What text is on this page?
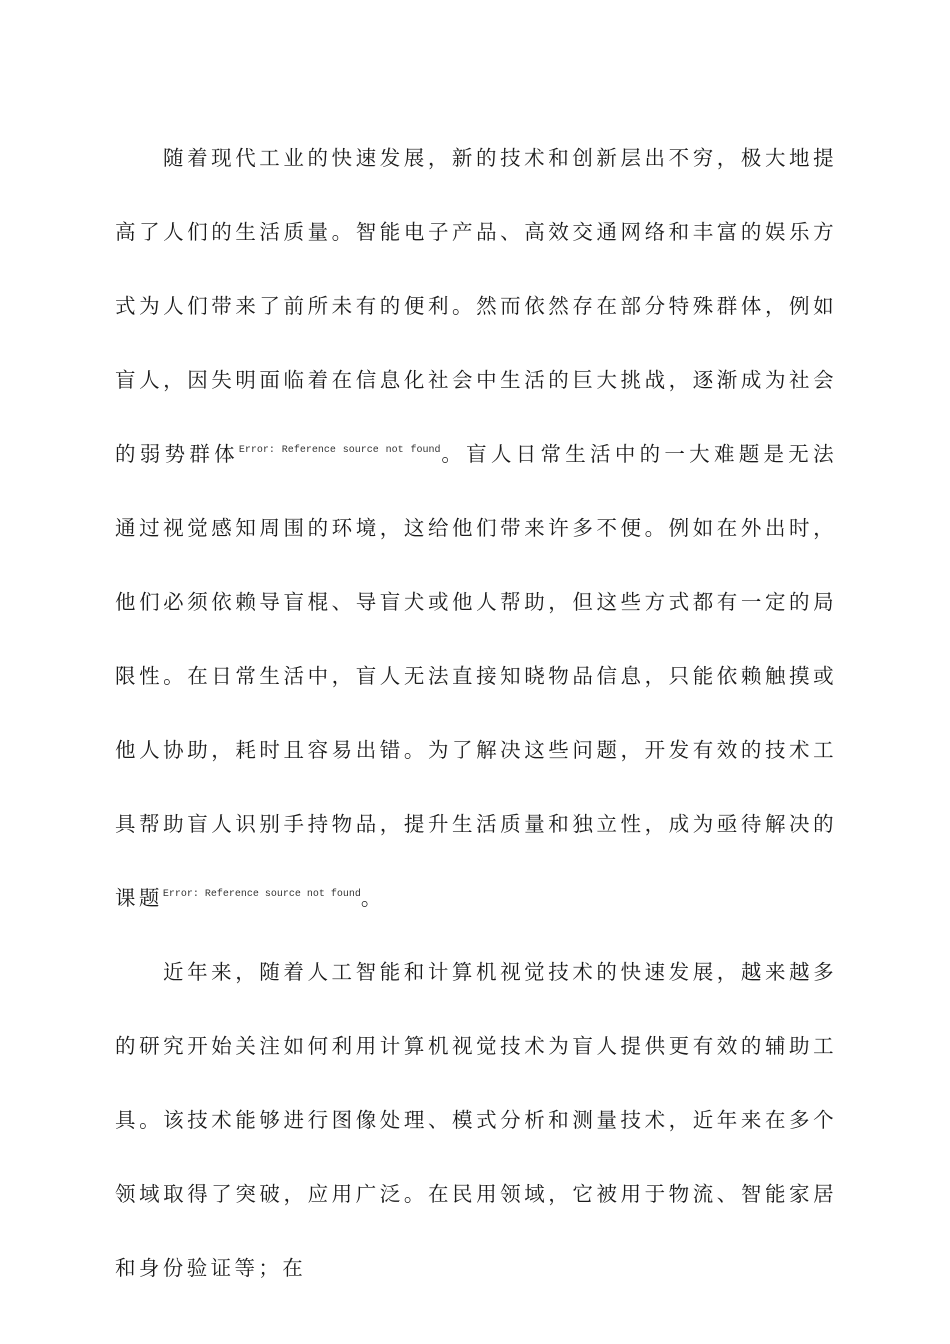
随着现代工业的快速发展，新的技术和创新层出不穷，极大地提高了人们的生活质量。智能电子产品、高效交通网络和丰富的娱乐方式为人们带来了前所未有的便利。然而依然存在部分特殊群体，例如盲人，因失明面临着在信息化社会中生活的巨大挑战，逐渐成为社会的弱势群体$^{Error: Reference source not found}$。盲人日常生活中的一大难题是无法通过视觉感知周围的环境，这给他们带来许多不便。例如在外出时，他们必须依赖导盲棍、导盲犬或他人帮助，但这些方式都有一定的局限性。在日常生活中，盲人无法直接知晓物品信息，只能依赖触摸或他人协助，耗时且容易出错。为了解决这些问题，开发有效的技术工具帮助盲人识别手持物品，提升生活质量和独立性，成为亟待解决的课题$^{Error: Reference source not found}$。

近年来，随着人工智能和计算机视觉技术的快速发展，越来越多的研究开始关注如何利用计算机视觉技术为盲人提供更有效的辅助工具。该技术能够进行图像处理、模式分析和测量技术，近年来在多个领域取得了突破，应用广泛。在民用领域，它被用于物流、智能家居和身份验证等；在
